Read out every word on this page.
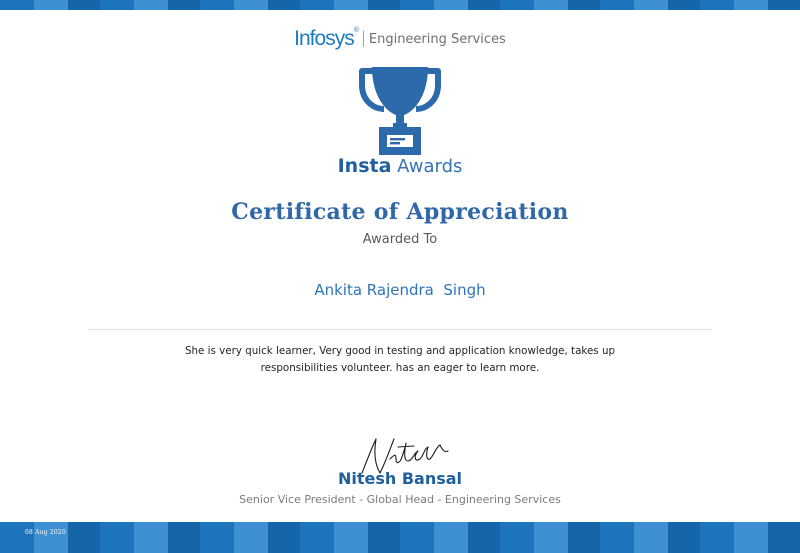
Infosys®Engineering Services
Insta Awards
Certificate of Appreciation
Awarded To
Ankita Rajendra  Singh
She is very quick learner, Very good in testing and application knowledge, takes up responsibilities volunteer. has an eager to learn more.
Nitesh Bansal
Senior Vice President - Global Head - Engineering Services
08 Aug 2020
